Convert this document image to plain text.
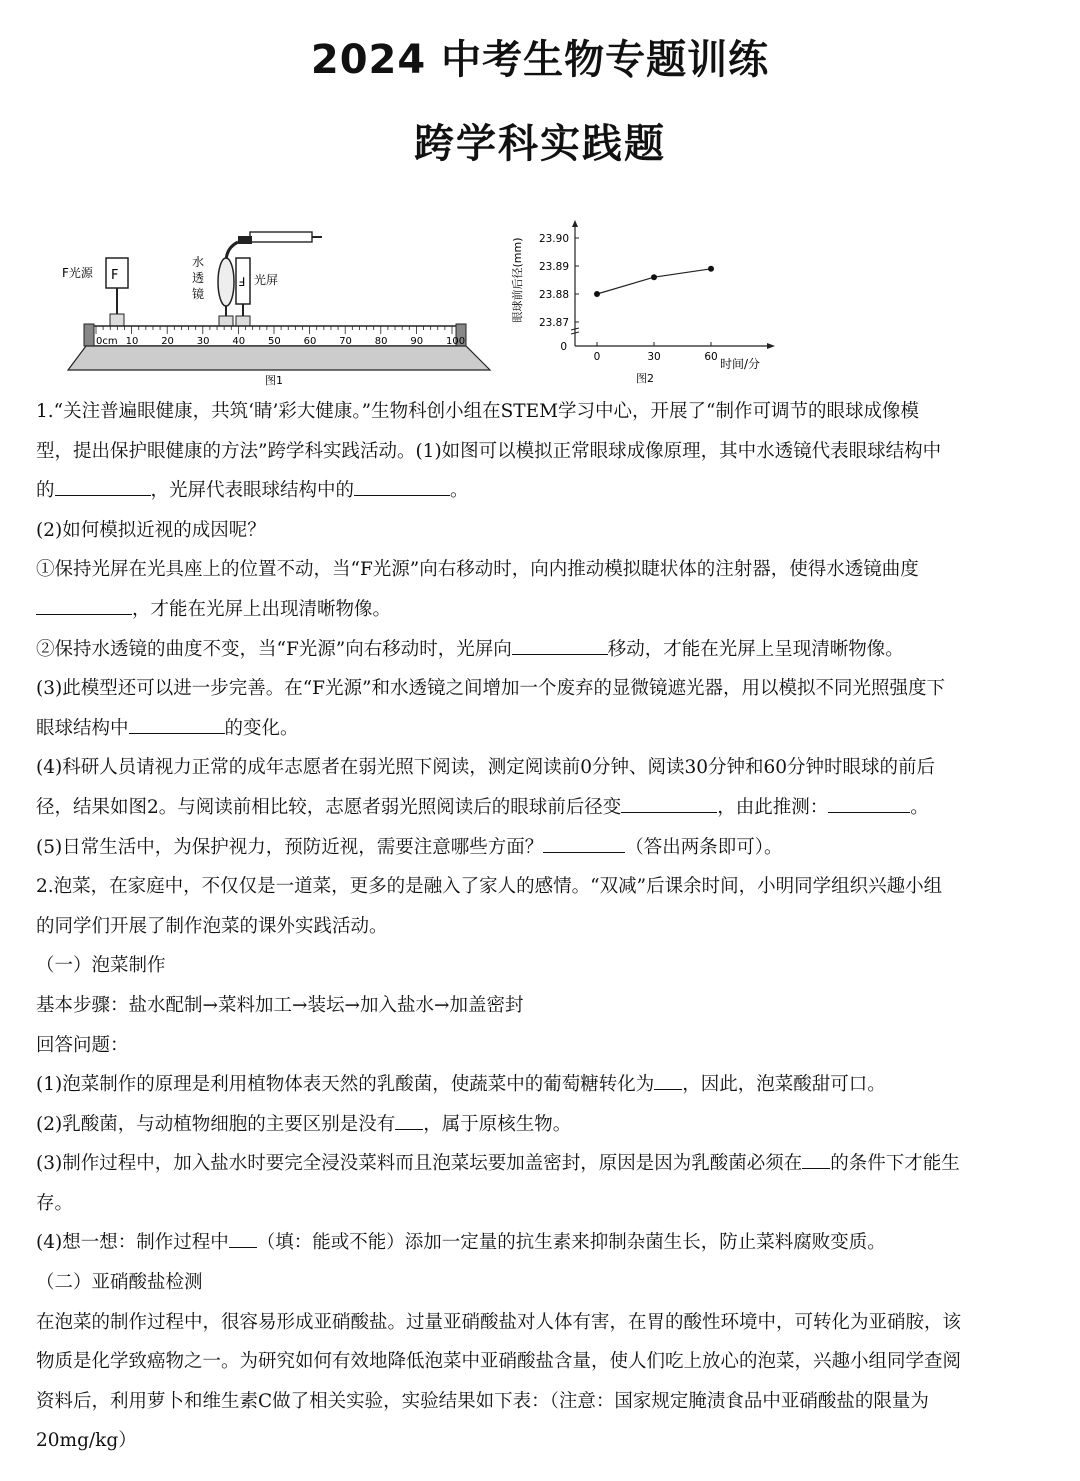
2024 中考生物专题训练
跨学科实践题
F光源 F
水
透
镜
Ⅎ 光屏
0cm 10 20 30 40 50 60 70 80 90 100
图1
23.87
23.88
23.89
23.90
0	30	60
0
时间/分
眼球前后径(mm)
图2

1.“关注普遍眼健康，共筑‘睛’彩大健康。”生物科创小组在STEM学习中心，开展了“制作可调节的眼球成像模

型，提出保护眼健康的方法”跨学科实践活动。(1)如图可以模拟正常眼球成像原理，其中水透镜代表眼球结构中

的	，光屏代表眼球结构中的	。

(2)如何模拟近视的成因呢？

①保持光屏在光具座上的位置不动，当“F光源”向右移动时，向内推动模拟睫状体的注射器，使得水透镜曲度

，才能在光屏上出现清晰物像。

②保持水透镜的曲度不变，当“F光源”向右移动时，光屏向	移动，才能在光屏上呈现清晰物像。

(3)此模型还可以进一步完善。在“F光源”和水透镜之间增加一个废弃的显微镜遮光器，用以模拟不同光照强度下

眼球结构中	的变化。

(4)科研人员请视力正常的成年志愿者在弱光照下阅读，测定阅读前0分钟、阅读30分钟和60分钟时眼球的前后

径，结果如图2。与阅读前相比较，志愿者弱光照阅读后的眼球前后径变	，由此推测：	。

(5)日常生活中，为保护视力，预防近视，需要注意哪些方面？	（答出两条即可）。

2.泡菜，在家庭中，不仅仅是一道菜，更多的是融入了家人的感情。“双减”后课余时间，小明同学组织兴趣小组

的同学们开展了制作泡菜的课外实践活动。

（一）泡菜制作

基本步骤：盐水配制→菜料加工→装坛→加入盐水→加盖密封

回答问题：

(1)泡菜制作的原理是利用植物体表天然的乳酸菌，使蔬菜中的葡萄糖转化为 ，因此，泡菜酸甜可口。

(2)乳酸菌，与动植物细胞的主要区别是没有 ，属于原核生物。

(3)制作过程中，加入盐水时要完全浸没菜料而且泡菜坛要加盖密封，原因是因为乳酸菌必须在 的条件下才能生

存。

(4)想一想：制作过程中 （填：能或不能）添加一定量的抗生素来抑制杂菌生长，防止菜料腐败变质。

（二）亚硝酸盐检测

在泡菜的制作过程中，很容易形成亚硝酸盐。过量亚硝酸盐对人体有害，在胃的酸性环境中，可转化为亚硝胺，该

物质是化学致癌物之一。为研究如何有效地降低泡菜中亚硝酸盐含量，使人们吃上放心的泡菜，兴趣小组同学查阅

资料后，利用萝卜和维生素C做了相关实验，实验结果如下表：（注意：国家规定腌渍食品中亚硝酸盐的限量为

20mg/kg）
